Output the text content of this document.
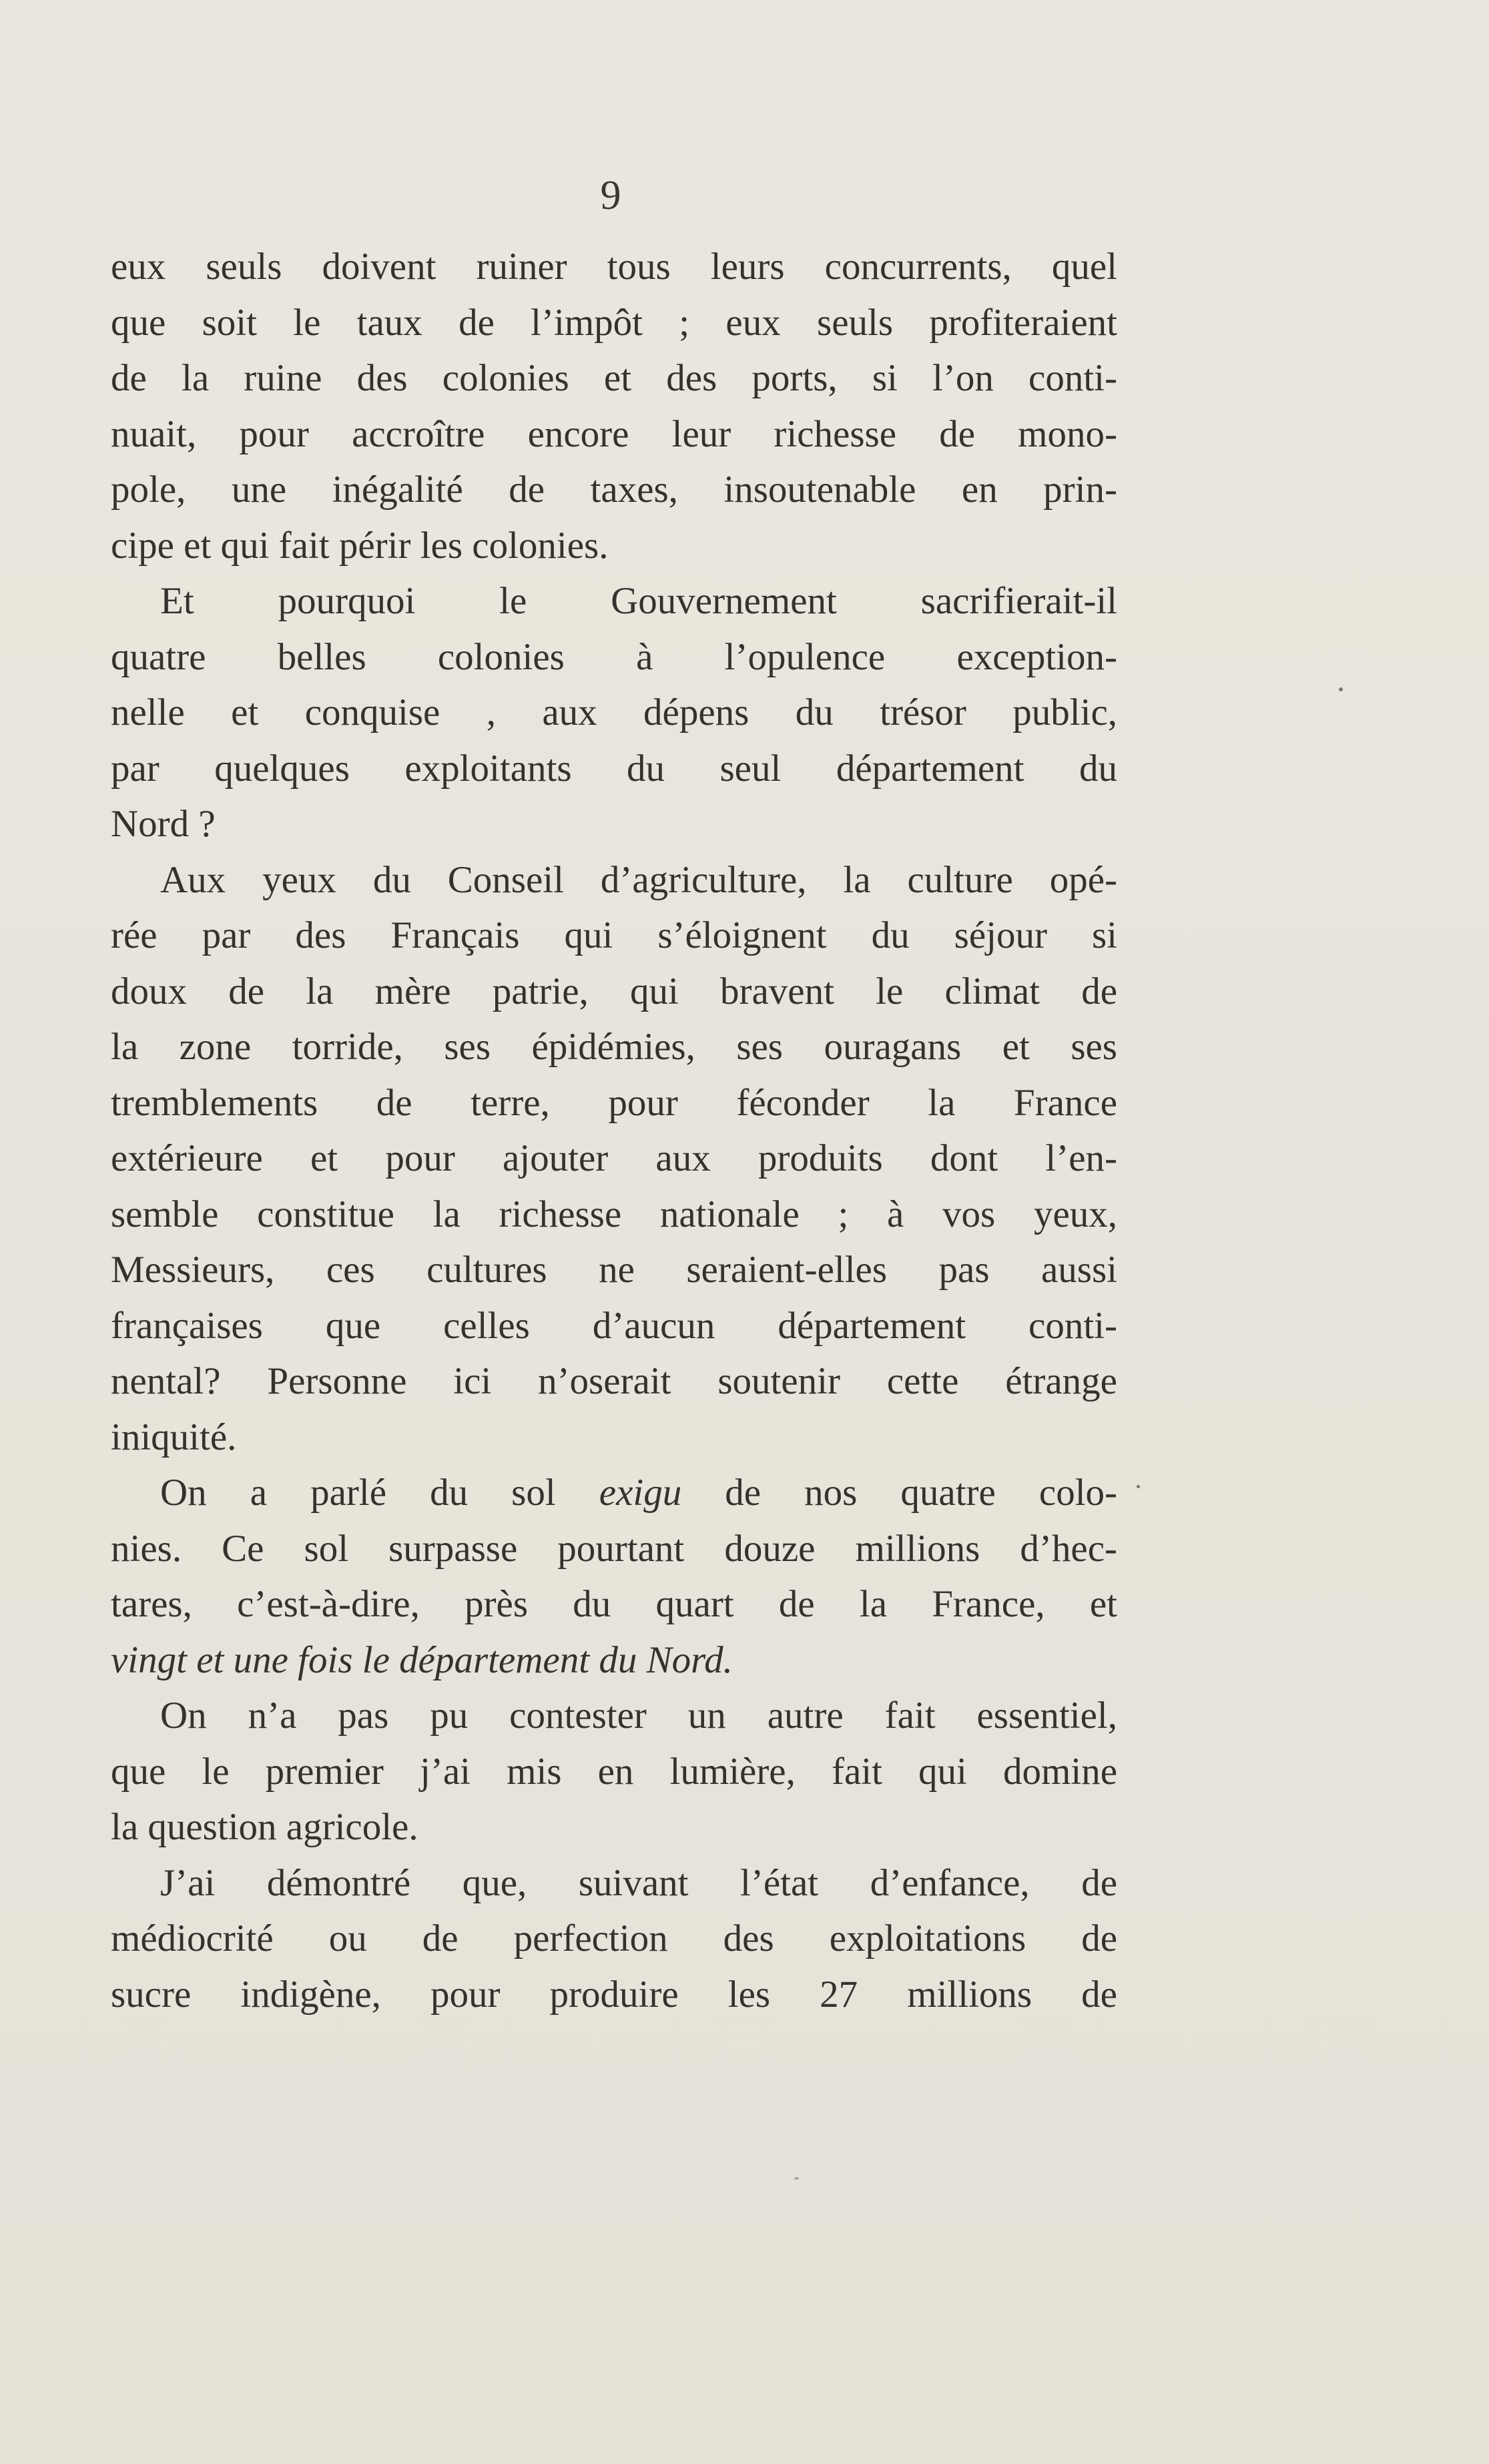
9
eux seuls doivent ruiner tous leurs concurrents, quel
que soit le taux de l’impôt ; eux seuls profiteraient
de la ruine des colonies et des ports, si l’on conti-
nuait, pour accroître encore leur richesse de mono-
pole, une inégalité de taxes, insoutenable en prin-
cipe et qui fait périr les colonies.
Et pourquoi le Gouvernement sacrifierait-il
quatre belles colonies à l’opulence exception-
nelle et conquise , aux dépens du trésor public,
par quelques exploitants du seul département du
Nord ?
Aux yeux du Conseil d’agriculture, la culture opé-
rée par des Français qui s’éloignent du séjour si
doux de la mère patrie, qui bravent le climat de
la zone torride, ses épidémies, ses ouragans et ses
tremblements de terre, pour féconder la France
extérieure et pour ajouter aux produits dont l’en-
semble constitue la richesse nationale ; à vos yeux,
Messieurs, ces cultures ne seraient-elles pas aussi
françaises que celles d’aucun département conti-
nental? Personne ici n’oserait soutenir cette étrange
iniquité.
On a parlé du sol exigu de nos quatre colo-
nies. Ce sol surpasse pourtant douze millions d’hec-
tares, c’est-à-dire, près du quart de la France, et
vingt et une fois le département du Nord.
On n’a pas pu contester un autre fait essentiel,
que le premier j’ai mis en lumière, fait qui domine
la question agricole.
J’ai démontré que, suivant l’état d’enfance, de
médiocrité ou de perfection des exploitations de
sucre indigène, pour produire les 27 millions de
